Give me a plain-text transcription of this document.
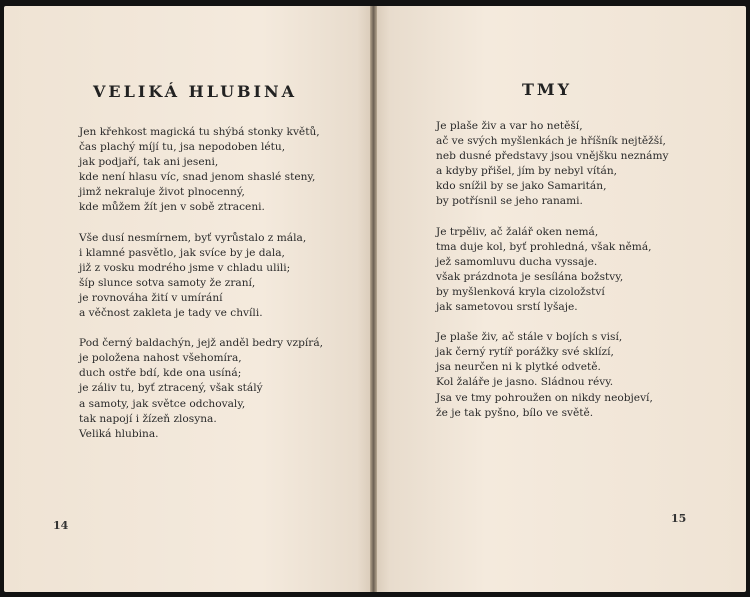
VELIKÁ HLUBINA

Jen křehkost magická tu shýbá stonky květů,
čas plachý míjí tu, jsa nepodoben létu,
jak podjaří, tak ani jeseni,
kde není hlasu víc, snad jenom shaslé steny,
jimž nekraluje život plnocenný,
kde můžem žít jen v sobě ztraceni.

Vše dusí nesmírnem, byť vyrůstalo z mála,
i klamné pasvětlo, jak svíce by je dala,
již z vosku modrého jsme v chladu ulili;
šíp slunce sotva samoty že zraní,
je rovnováha žití v umírání
a věčnost zakleta je tady ve chvíli.

Pod černý baldachýn, jejž anděl bedry vzpírá,
je položena nahost všehomíra,
duch ostře bdí, kde ona usíná;
je záliv tu, byť ztracený, však stálý
a samoty, jak světce odchovaly,
tak napojí i žízeň zlosyna.
Veliká hlubina.

14
TMY

Je plaše živ a var ho netěší,
ač ve svých myšlenkách je hříšník nejtěžší,
neb dusné představy jsou vnějšku neznámy
a kdyby přišel, jím by nebyl vítán,
kdo snížil by se jako Samaritán,
by potřísnil se jeho ranami.

Je trpěliv, ač žalář oken nemá,
tma duje kol, byť prohledná, však němá,
jež samomluvu ducha vyssaje.
však prázdnota je sesílána božstvy,
by myšlenková kryla cizoložství
jak sametovou srstí lyšaje.

Je plaše živ, ač stále v bojích s visí,
jak černý rytíř porážky své sklízí,
jsa neurčen ni k plytké odvetě.
Kol žaláře je jasno. Sládnou révy.
Jsa ve tmy pohroužen on nikdy neobjeví,
že je tak pyšno, bílo ve světě.

15
